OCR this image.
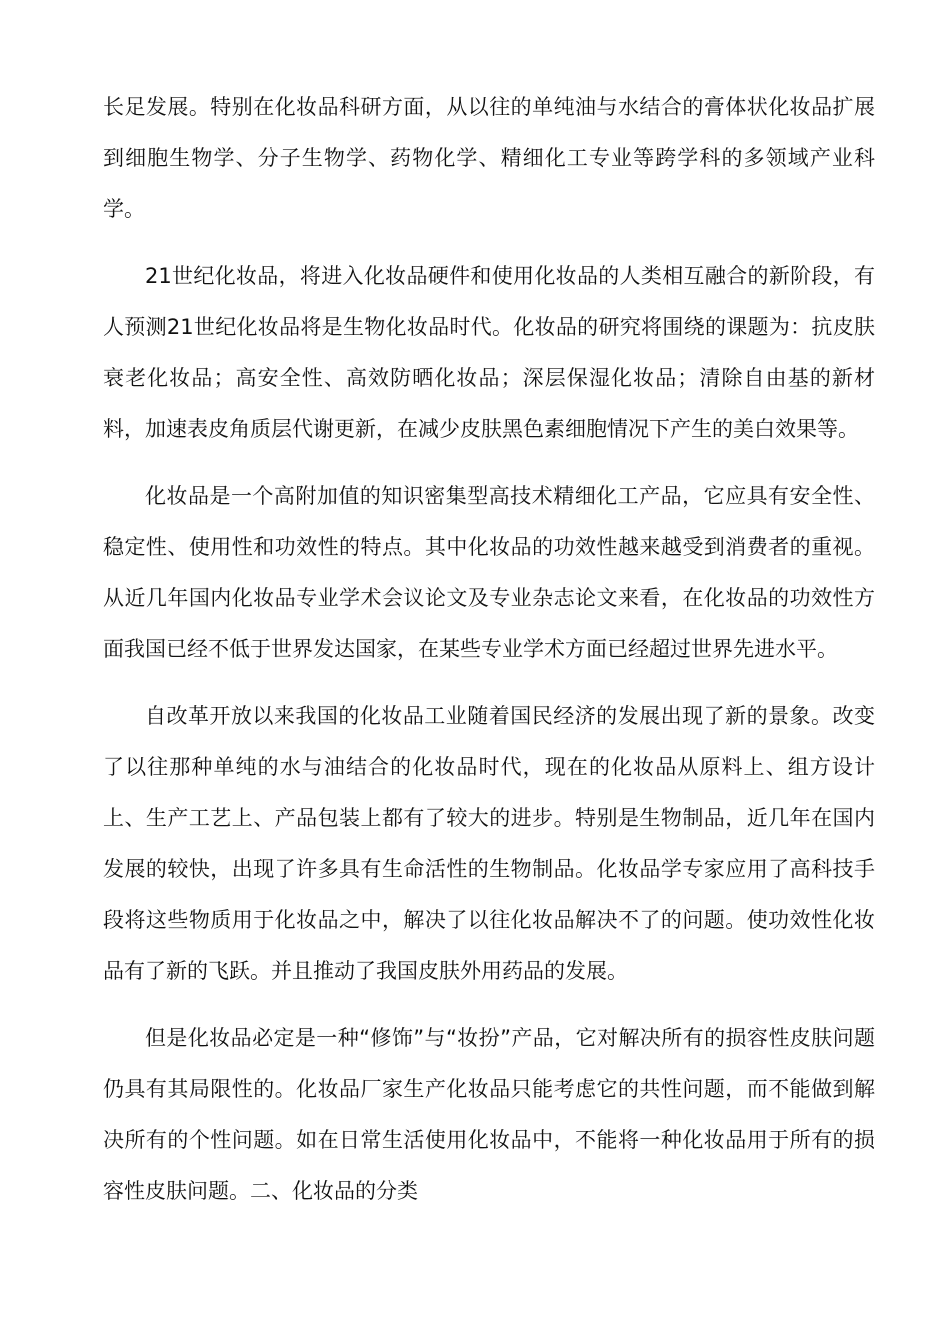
长足发展。特别在化妆品科研方面，从以往的单纯油与水结合的膏体状化妆品扩展到细胞生物学、分子生物学、药物化学、精细化工专业等跨学科的多领域产业科学。

21世纪化妆品，将进入化妆品硬件和使用化妆品的人类相互融合的新阶段，有人预测21世纪化妆品将是生物化妆品时代。化妆品的研究将围绕的课题为：抗皮肤衰老化妆品；高安全性、高效防晒化妆品；深层保湿化妆品；清除自由基的新材料，加速表皮角质层代谢更新，在减少皮肤黑色素细胞情况下产生的美白效果等。

化妆品是一个高附加值的知识密集型高技术精细化工产品，它应具有安全性、稳定性、使用性和功效性的特点。其中化妆品的功效性越来越受到消费者的重视。从近几年国内化妆品专业学术会议论文及专业杂志论文来看，在化妆品的功效性方面我国已经不低于世界发达国家，在某些专业学术方面已经超过世界先进水平。

自改革开放以来我国的化妆品工业随着国民经济的发展出现了新的景象。改变了以往那种单纯的水与油结合的化妆品时代，现在的化妆品从原料上、组方设计上、生产工艺上、产品包装上都有了较大的进步。特别是生物制品，近几年在国内发展的较快，出现了许多具有生命活性的生物制品。化妆品学专家应用了高科技手段将这些物质用于化妆品之中，解决了以往化妆品解决不了的问题。使功效性化妆品有了新的飞跃。并且推动了我国皮肤外用药品的发展。

但是化妆品必定是一种“修饰”与“妆扮”产品，它对解决所有的损容性皮肤问题仍具有其局限性的。化妆品厂家生产化妆品只能考虑它的共性问题，而不能做到解决所有的个性问题。如在日常生活使用化妆品中，不能将一种化妆品用于所有的损容性皮肤问题。二、化妆品的分类
